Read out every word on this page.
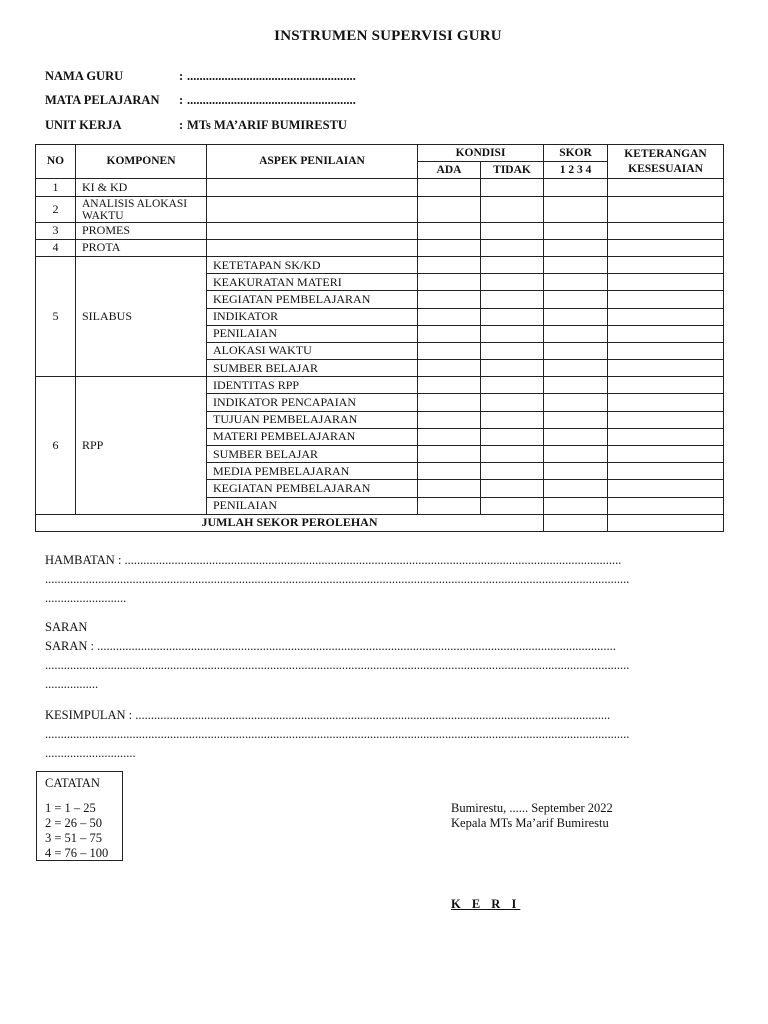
INSTRUMEN SUPERVISI GURU
NAMA GURU	: ......................................................
MATA PELAJARAN : ......................................................
UNIT KERJA	: MTs MA’ARIF BUMIRESTU
NO	KOMPONEN	ASPEK PENILAIAN	KONDISI		SKOR	KETERANGAN
KESESUAIAN

			ADA	TIDAK	1 2 3 4	
1	KI & KD					
2	ANALISIS ALOKASI WAKTU					
3	PROMES					
4	PROTA					
5	SILABUS	KETETAPAN SK/KD				
		KEAKURATAN MATERI				
		KEGIATAN PEMBELAJARAN				
		INDIKATOR				
		PENILAIAN				
		ALOKASI WAKTU				
		SUMBER BELAJAR				
6	RPP	IDENTITAS RPP				
		INDIKATOR PENCAPAIAN				
		TUJUAN PEMBELAJARAN				
		MATERI PEMBELAJARAN				
		SUMBER BELAJAR				
		MEDIA PEMBELAJARAN				
		KEGIATAN PEMBELAJARAN				
		PENILAIAN				
JUMLAH SEKOR PEROLEHAN						
HAMBATAN : ...............................................................................................................................................................
...........................................................................................................................................................................................
..........................
SARAN
SARAN : ......................................................................................................................................................................
...........................................................................................................................................................................................
.................
KESIMPULAN : ........................................................................................................................................................
...........................................................................................................................................................................................
.............................
CATATAN
1 = 1 – 25
2 = 26 – 50
3 = 51 – 75
4 = 76 – 100
Bumirestu, ...... September 2022
Kepala MTs Ma’arif Bumirestu
K E R I
